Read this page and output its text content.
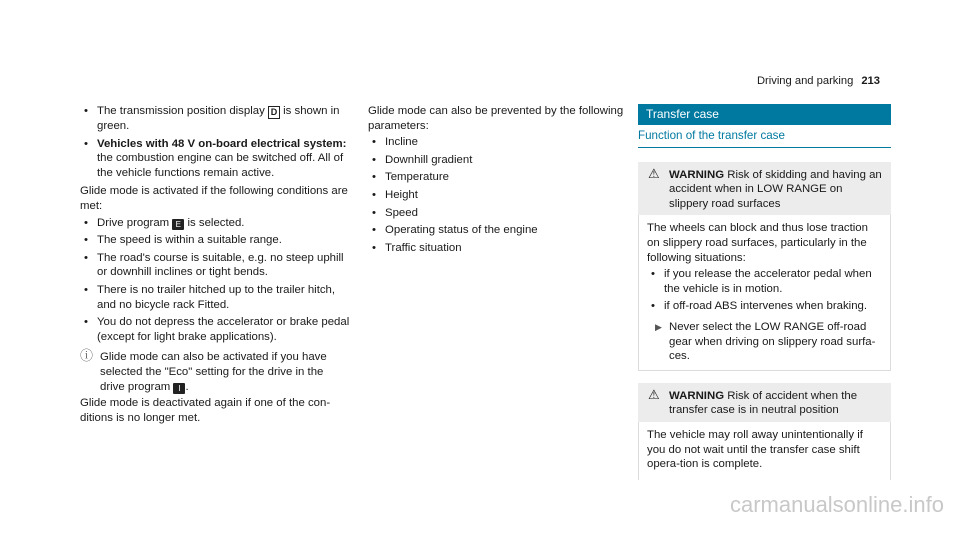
Driving and parking 213
• The transmission position display D is shown in green.
• Vehicles with 48 V on-board electrical system:
the combustion engine can be switched off. All of the vehicle functions remain active.

Glide mode is activated if the following conditions are met:

• Drive program E is selected.
• The speed is within a suitable range.
• The road's course is suitable, e.g. no steep uphill or downhill inclines or tight bends.
• There is no trailer hitched up to the trailer hitch, and no bicycle rack Fitted.
• You do not depress the accelerator or brake pedal (except for light brake applications).
ⓘ Glide mode can also be activated if you have selected the "Eco" setting for the drive in the drive program I .

Glide mode is deactivated again if one of the con-ditions is no longer met.

Glide mode can also be prevented by the following parameters:

• Incline
• Downhill gradient
• Temperature
• Height
• Speed
• Operating status of the engine
• Traffic situation
Transfer case
Function of the transfer case
⚠ WARNING Risk of skidding and having an accident when in LOW RANGE on slippery road surfaces

The wheels can block and thus lose traction on slippery road surfaces, particularly in the following situations:

• if you release the accelerator pedal when the vehicle is in motion.
• if off-road ABS intervenes when braking.
▶ Never select the LOW RANGE off-road gear when driving on slippery road surfa-ces.
⚠ WARNING Risk of accident when the transfer case is in neutral position

The vehicle may roll away unintentionally if you do not wait until the transfer case shift opera-tion is complete.

carmanualsonline.info
